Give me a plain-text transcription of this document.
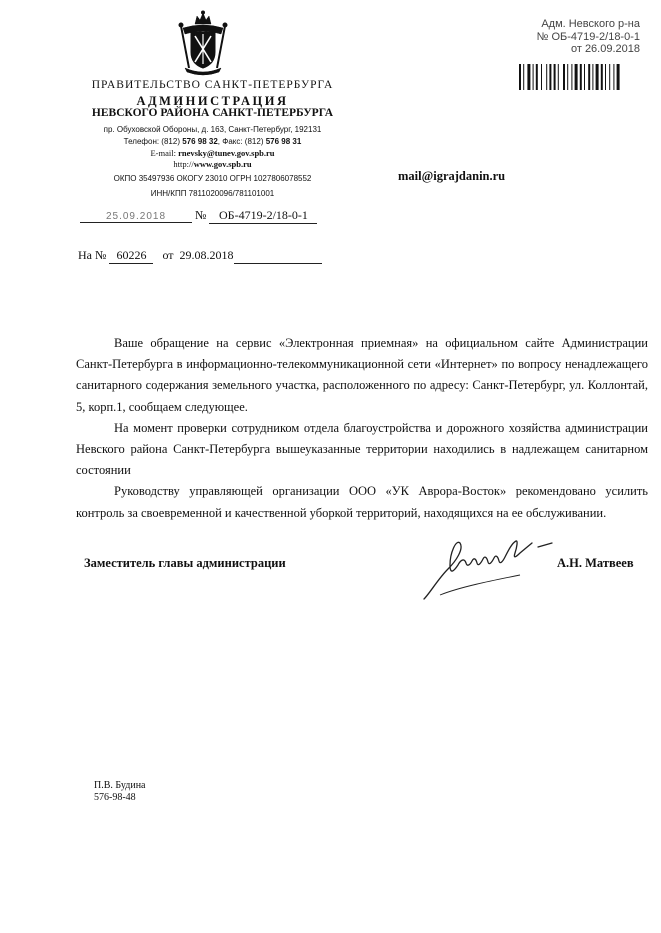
ПРАВИТЕЛЬСТВО САНКТ-ПЕТЕРБУРГА
АДМИНИСТРАЦИЯ
НЕВСКОГО РАЙОНА САНКТ-ПЕТЕРБУРГА
пр. Обуховской Обороны, д. 163, Санкт-Петербург, 192131
Телефон: (812) 576 98 32, Факс: (812) 576 98 31
E-mail: rnevsky@tunev.gov.spb.ru
http://www.gov.spb.ru
ОКПО 35497936 ОКОГУ 23010 ОГРН 1027806078552
ИНН/КПП 7811020096/781101001
Адм. Невского р-на
№ ОБ-4719-2/18-0-1
от 26.09.2018
mail@igrajdanin.ru
25.09.2018 № ОБ-4719-2/18-0-1
На № 60226 от 29.08.2018

Ваше обращение на сервис «Электронная приемная» на официальном сайте Администрации Санкт-Петербурга в информационно-телекоммуникационной сети «Интернет» по вопросу ненадлежащего санитарного содержания земельного участка, расположенного по адресу: Санкт-Петербург, ул. Коллонтай, 5, корп.1, сообщаем следующее.

На момент проверки сотрудником отдела благоустройства и дорожного хозяйства администрации Невского района Санкт-Петербурга вышеуказанные территории находились в надлежащем санитарном состоянии

Руководству управляющей организации ООО «УК Аврора-Восток» рекомендовано усилить контроль за своевременной и качественной уборкой территорий, находящихся на ее обслуживании.

Заместитель главы администрации	А.Н. Матвеев
П.В. Будина
576-98-48
